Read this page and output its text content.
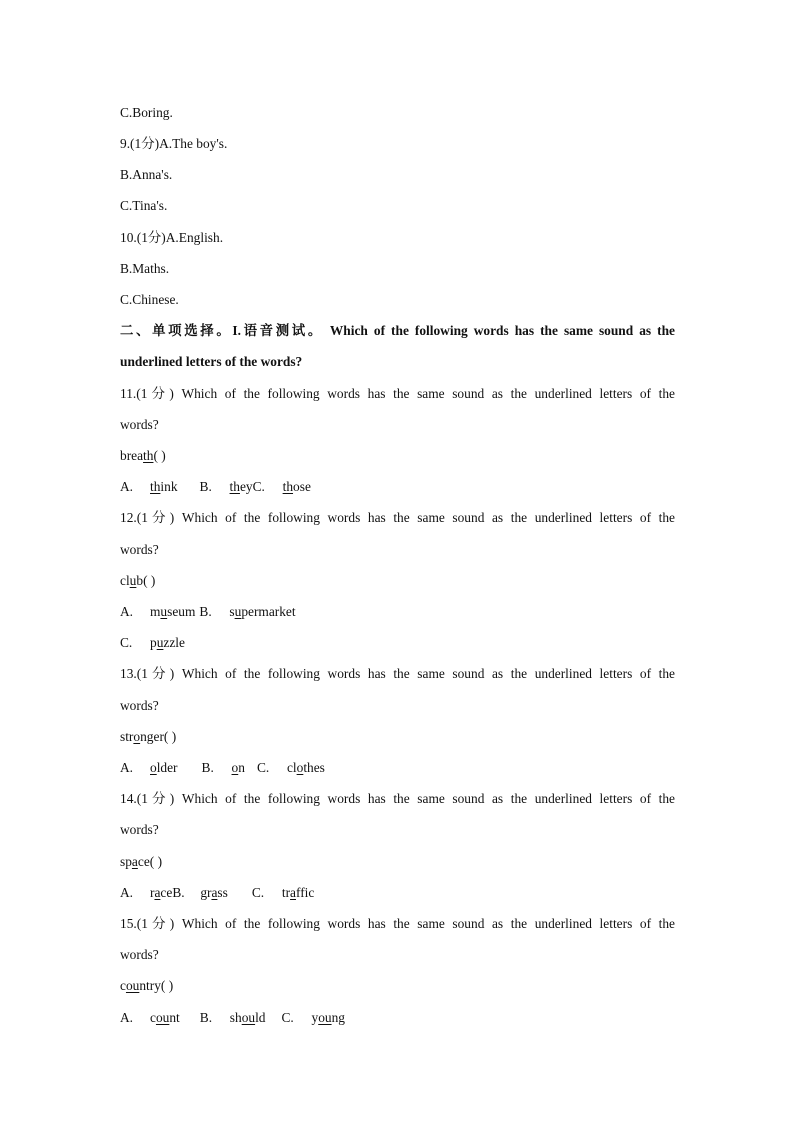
C.Boring.
9.(1分)A.The boy's.
B.Anna's.
C.Tina's.
10.(1分)A.English.
B.Maths.
C.Chinese.
二、单项选择。I.语音测试。 Which of the following words has the same sound as the
underlined letters of the words?
11.(1分) Which of the following words has the same sound as the underlined letters of the
words?
breath( )
A. think B. theyC. those
12.(1分) Which of the following words has the same sound as the underlined letters of the
words?
club( )
A. museum B. supermarket
C. puzzle
13.(1分) Which of the following words has the same sound as the underlined letters of the
words?
stronger( )
A. older B. on C. clothes
14.(1分) Which of the following words has the same sound as the underlined letters of the
words?
space( )
A. raceB. grass C. traffic
15.(1分) Which of the following words has the same sound as the underlined letters of the
words?
country( )
A. count B. should C. young
